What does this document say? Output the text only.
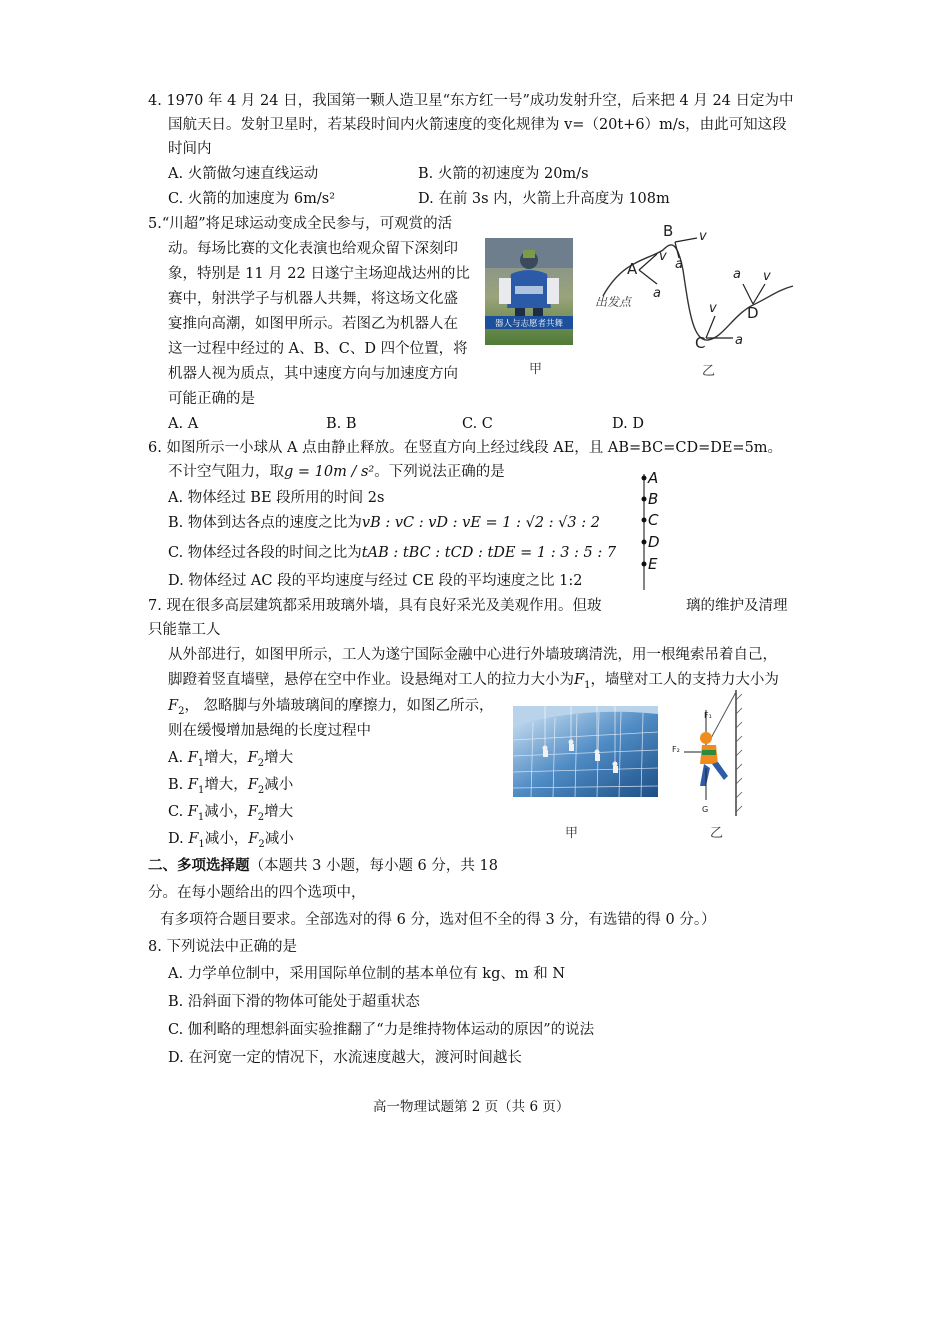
4. 1970 年 4 月 24 日，我国第一颗人造卫星“东方红一号”成功发射升空，后来把 4 月 24 日定为中
国航天日。发射卫星时，若某段时间内火箭速度的变化规律为 v=（20t+6）m/s，由此可知这段
时间内
A. 火箭做匀速直线运动	B. 火箭的初速度为 20m/s
C. 火箭的加速度为 6m/s²	D. 在前 3s 内，火箭上升高度为 108m
5.“川超”将足球运动变成全民参与，可观赏的活
动。每场比赛的文化表演也给观众留下深刻印
象，特别是 11 月 22 日遂宁主场迎战达州的比
赛中，射洪学子与机器人共舞，将这场文化盛
宴推向高潮，如图甲所示。若图乙为机器人在
这一过程中经过的 A、B、C、D 四个位置，将
机器人视为质点，其中速度方向与加速度方向
可能正确的是
A. A	B. B	C. C	D. D
器人与志愿者共舞
甲
A
v
a
B v
a
C
v
a
D
a v
出发点
乙
6. 如图所示一小球从 A 点由静止释放。在竖直方向上经过线段 AE，且 AB=BC=CD=DE=5m。
不计空气阻力，取g = 10m / s²。下列说法正确的是
A. 物体经过 BE 段所用的时间 2s
B. 物体到达各点的速度之比为vB : vC : vD : vE = 1 : √2 : √3 : 2
C. 物体经过各段的时间之比为tAB : tBC : tCD : tDE = 1 : 3 : 5 : 7
D. 物体经过 AC 段的平均速度与经过 CE 段的平均速度之比 1:2
A
B
C
D
E
7. 现在很多高层建筑都采用玻璃外墙，具有良好采光及美观作用。但玻	璃的维护及清理
只能靠工人
从外部进行，如图甲所示，工人为遂宁国际金融中心进行外墙玻璃清洗，用一根绳索吊着自己，
脚蹬着竖直墙壁，悬停在空中作业。设悬绳对工人的拉力大小为$F_1$，墙壁对工人的支持力大小为
$F_2$， 忽略脚与外墙玻璃间的摩擦力，如图乙所示，
则在缓慢增加悬绳的长度过程中
A. $F_1$增大，$F_2$增大
B. $F_1$增大，$F_2$减小
C. $F_1$减小，$F_2$增大
D. $F_1$减小，$F_2$减小	甲
F₁
F₂
G
乙
二、多项选择题（本题共 3 小题，每小题 6 分，共 18
分。在每小题给出的四个选项中，
有多项符合题目要求。全部选对的得 6 分，选对但不全的得 3 分，有选错的得 0 分。）
8. 下列说法中正确的是
A. 力学单位制中，采用国际单位制的基本单位有 kg、m 和 N
B. 沿斜面下滑的物体可能处于超重状态
C. 伽利略的理想斜面实验推翻了“力是维持物体运动的原因”的说法
D. 在河宽一定的情况下，水流速度越大，渡河时间越长
高一物理试题第 2 页（共 6 页）
